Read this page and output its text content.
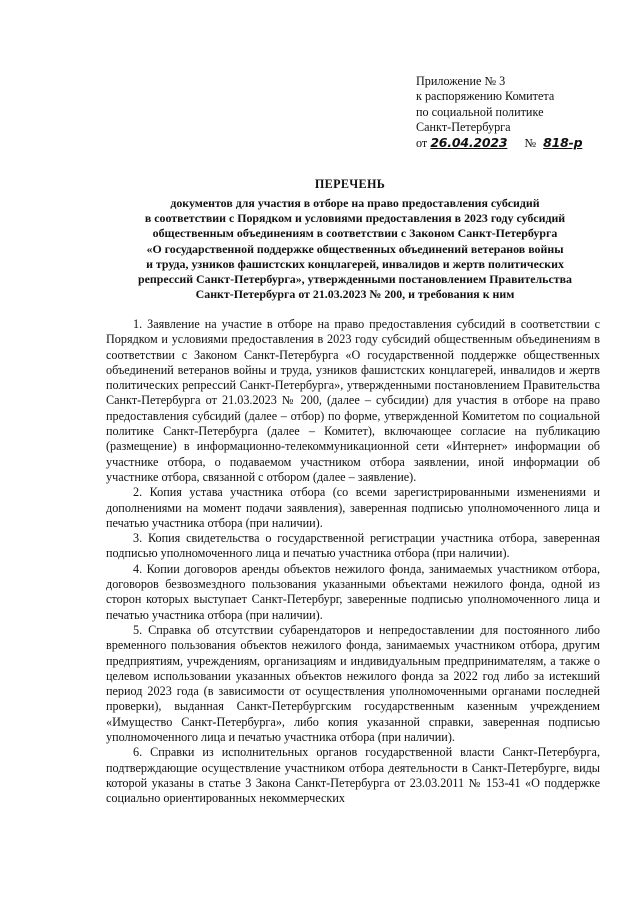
Приложение № 3
к распоряжению Комитета
по социальной политике
Санкт-Петербурга
от 26.04.2023 № 818-р
ПЕРЕЧЕНЬ
документов для участия в отборе на право предоставления субсидий
в соответствии с Порядком и условиями предоставления в 2023 году субсидий
общественным объединениям в соответствии с Законом Санкт-Петербурга
«О государственной поддержке общественных объединений ветеранов войны
и труда, узников фашистских концлагерей, инвалидов и жертв политических
репрессий Санкт-Петербурга», утвержденными постановлением Правительства
Санкт-Петербурга от 21.03.2023 № 200, и требования к ним

1. Заявление на участие в отборе на право предоставления субсидий в соответствии с Порядком и условиями предоставления в 2023 году субсидий общественным объединениям в соответствии с Законом Санкт-Петербурга «О государственной поддержке общественных объединений ветеранов войны и труда, узников фашистских концлагерей, инвалидов и жертв политических репрессий Санкт-Петербурга», утвержденными постановлением Правительства Санкт-Петербурга от 21.03.2023 № 200, (далее – субсидии) для участия в отборе на право предоставления субсидий (далее – отбор) по форме, утвержденной Комитетом по социальной политике Санкт-Петербурга (далее – Комитет), включающее согласие на публикацию (размещение) в информационно-телекоммуникационной сети «Интернет» информации об участнике отбора, о подаваемом участником отбора заявлении, иной информации об участнике отбора, связанной с отбором (далее – заявление).

2. Копия устава участника отбора (со всеми зарегистрированными изменениями и дополнениями на момент подачи заявления), заверенная подписью уполномоченного лица и печатью участника отбора (при наличии).

3. Копия свидетельства о государственной регистрации участника отбора, заверенная подписью уполномоченного лица и печатью участника отбора (при наличии).

4. Копии договоров аренды объектов нежилого фонда, занимаемых участником отбора, договоров безвозмездного пользования указанными объектами нежилого фонда, одной из сторон которых выступает Санкт-Петербург, заверенные подписью уполномоченного лица и печатью участника отбора (при наличии).

5. Справка об отсутствии субарендаторов и непредоставлении для постоянного либо временного пользования объектов нежилого фонда, занимаемых участником отбора, другим предприятиям, учреждениям, организациям и индивидуальным предпринимателям, а также о целевом использовании указанных объектов нежилого фонда за 2022 год либо за истекший период 2023 года (в зависимости от осуществления уполномоченными органами последней проверки), выданная Санкт-Петербургским государственным казенным учреждением «Имущество Санкт-Петербурга», либо копия указанной справки, заверенная подписью уполномоченного лица и печатью участника отбора (при наличии).

6. Справки из исполнительных органов государственной власти Санкт-Петербурга, подтверждающие осуществление участником отбора деятельности в Санкт-Петербурге, виды которой указаны в статье 3 Закона Санкт-Петербурга от 23.03.2011 № 153-41 «О поддержке социально ориентированных некоммерческих
